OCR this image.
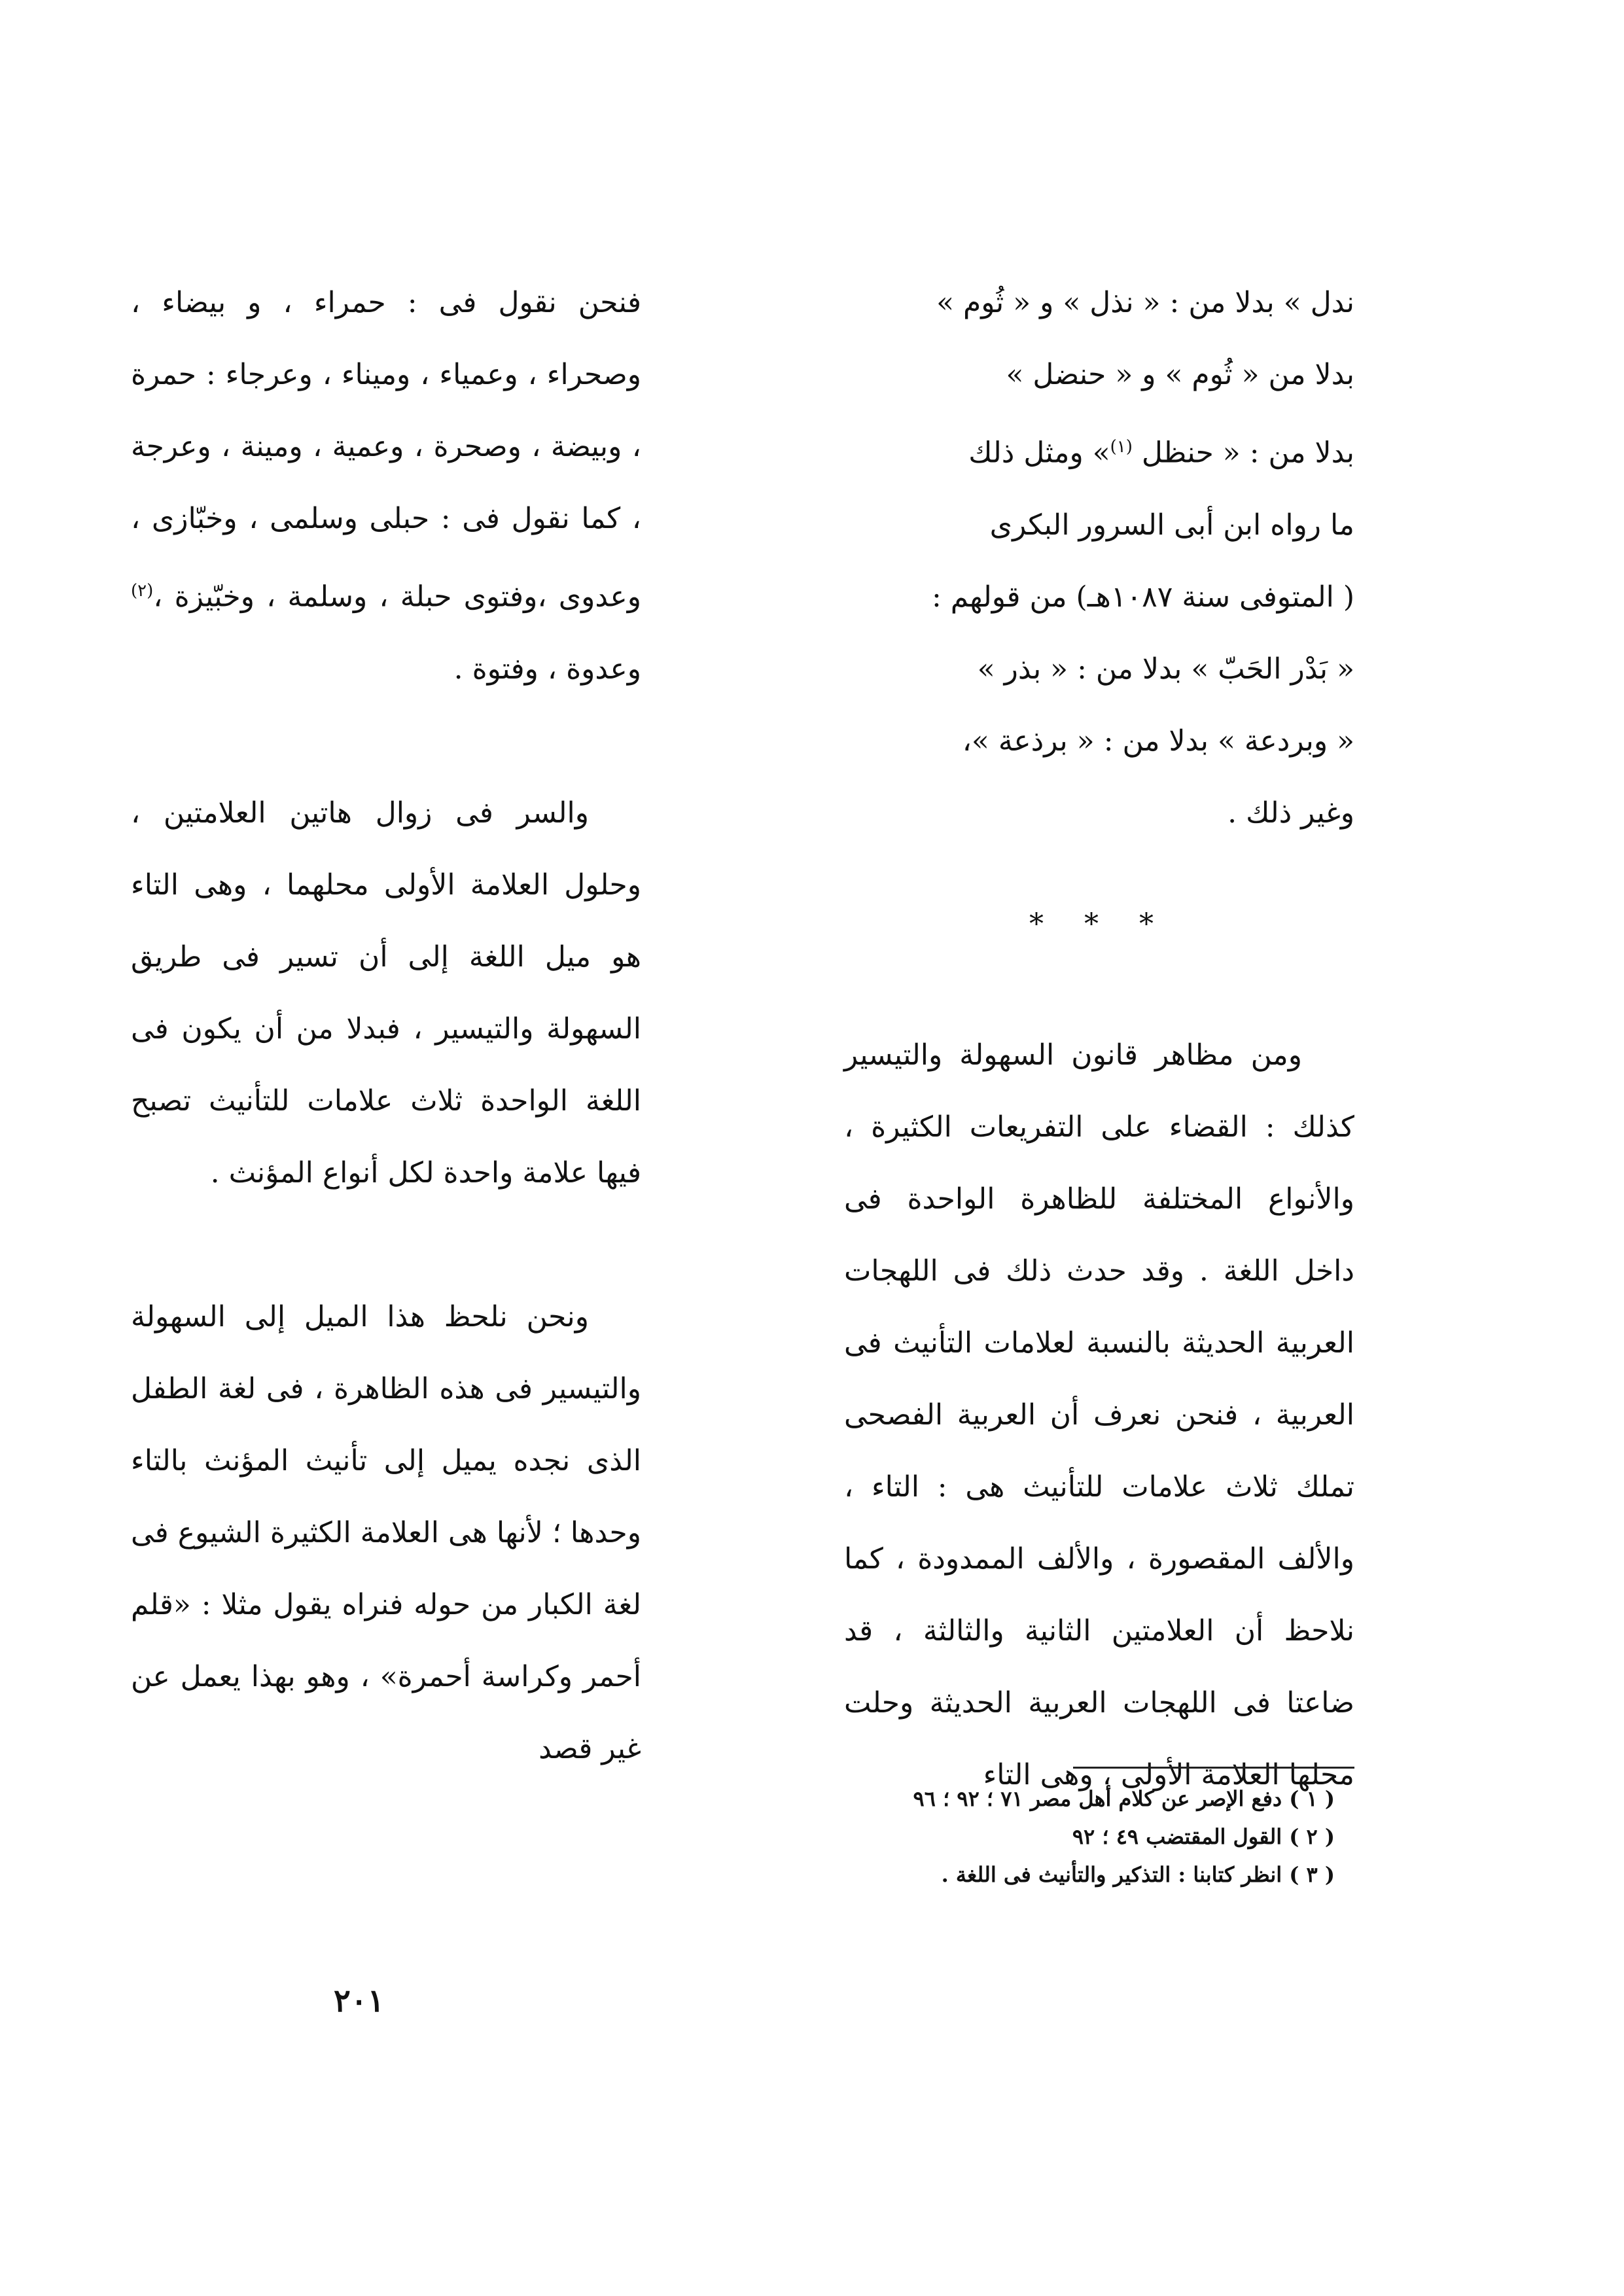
ندل » بدلا من : « نذل » و « ثُوم »

بدلا من « ثُوم » و « حنضل »

بدلا من : « حنظل $^{(١)}$» ومثل ذلك

ما رواه ابن أبى السرور البكرى

( المتوفى سنة ١٠٨٧هـ) من قولهم :

« بَدْر الحَبّ » بدلا من : « بذر »

« وبردعة » بدلا من : « برذعة »،

وغير ذلك .

* * *

ومن مظاهر قانون السهولة والتيسير كذلك : القضاء على التفريعات الكثيرة ، والأنواع المختلفة للظاهرة الواحدة فى داخل اللغة . وقد حدث ذلك فى اللهجات العربية الحديثة بالنسبة لعلامات التأنيث فى العربية ، فنحن نعرف أن العربية الفصحى تملك ثلاث علامات للتأنيث هى : التاء ، والألف المقصورة ، والألف الممدودة ، كما نلاحظ أن العلامتين الثانية والثالثة ، قد ضاعتا فى اللهجات العربية الحديثة وحلت محلها العلامة الأولى ، وهى التاء

فنحن نقول فى : حمراء ، و بيضاء ، وصحراء ، وعمياء ، وميناء ، وعرجاء : حمرة ، وبيضة ، وصحرة ، وعمية ، ومينة ، وعرجة ، كما نقول فى : حبلى وسلمى ، وخبّازى ، وعدوى ،وفتوى حبلة ، وسلمة ، وخبّيزة ،$^{(٢)}$ وعدوة ، وفتوة .

والسر فى زوال هاتين العلامتين ، وحلول العلامة الأولى محلهما ، وهى التاء هو ميل اللغة إلى أن تسير فى طريق السهولة والتيسير ، فبدلا من أن يكون فى اللغة الواحدة ثلاث علامات للتأنيث تصبح فيها علامة واحدة لكل أنواع المؤنث .

ونحن نلحظ هذا الميل إلى السهولة والتيسير فى هذه الظاهرة ، فى لغة الطفل الذى نجده يميل إلى تأنيث المؤنث بالتاء وحدها ؛ لأنها هى العلامة الكثيرة الشيوع فى لغة الكبار من حوله فنراه يقول مثلا : «قلم أحمر وكراسة أحمرة» ، وهو بهذا يعمل عن غير قصد

( ١ ) دفع الإصر عن كلام أهل مصر ٧١ ؛ ٩٢ ؛ ٩٦
( ٢ ) القول المقتضب ٤٩ ؛ ٩٢
( ٣ ) انظر كتابنا : التذكير والتأنيث فى اللغة .
٢٠١
